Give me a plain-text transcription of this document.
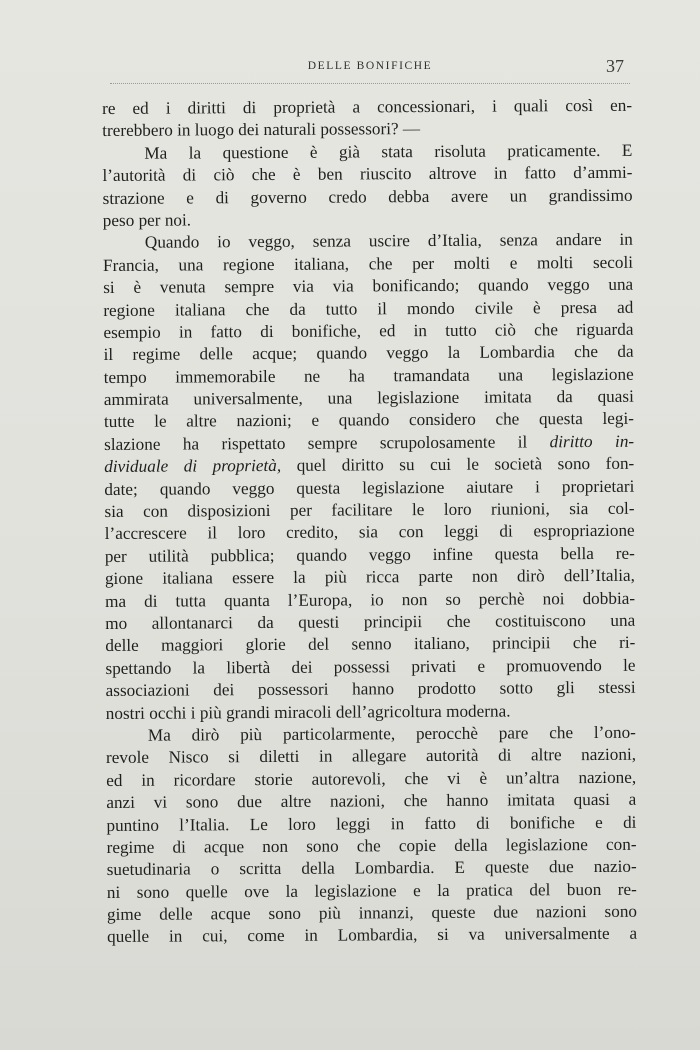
DELLE BONIFICHE	37
re ed i diritti di proprietà a concessionari, i quali così en-
trerebbero in luogo dei naturali possessori? —
Ma la questione è già stata risoluta praticamente. E
l’autorità di ciò che è ben riuscito altrove in fatto d’ammi-
strazione e di governo credo debba avere un grandissimo
peso per noi.
Quando io veggo, senza uscire d’Italia, senza andare in
Francia, una regione italiana, che per molti e molti secoli
si è venuta sempre via via bonificando; quando veggo una
regione italiana che da tutto il mondo civile è presa ad
esempio in fatto di bonifiche, ed in tutto ciò che riguarda
il regime delle acque; quando veggo la Lombardia che da
tempo immemorabile ne ha tramandata una legislazione
ammirata universalmente, una legislazione imitata da quasi
tutte le altre nazioni; e quando considero che questa legi-
slazione ha rispettato sempre scrupolosamente il diritto in-
dividuale di proprietà, quel diritto su cui le società sono fon-
date; quando veggo questa legislazione aiutare i proprietari
sia con disposizioni per facilitare le loro riunioni, sia col-
l’accrescere il loro credito, sia con leggi di espropriazione
per utilità pubblica; quando veggo infine questa bella re-
gione italiana essere la più ricca parte non dirò dell’Italia,
ma di tutta quanta l’Europa, io non so perchè noi dobbia-
mo allontanarci da questi principii che costituiscono una
delle maggiori glorie del senno italiano, principii che ri-
spettando la libertà dei possessi privati e promuovendo le
associazioni dei possessori hanno prodotto sotto gli stessi
nostri occhi i più grandi miracoli dell’agricoltura moderna.
Ma dirò più particolarmente, perocchè pare che l’ono-
revole Nisco si diletti in allegare autorità di altre nazioni,
ed in ricordare storie autorevoli, che vi è un’altra nazione,
anzi vi sono due altre nazioni, che hanno imitata quasi a
puntino l’Italia. Le loro leggi in fatto di bonifiche e di
regime di acque non sono che copie della legislazione con-
suetudinaria o scritta della Lombardia. E queste due nazio-
ni sono quelle ove la legislazione e la pratica del buon re-
gime delle acque sono più innanzi, queste due nazioni sono
quelle in cui, come in Lombardia, si va universalmente a
